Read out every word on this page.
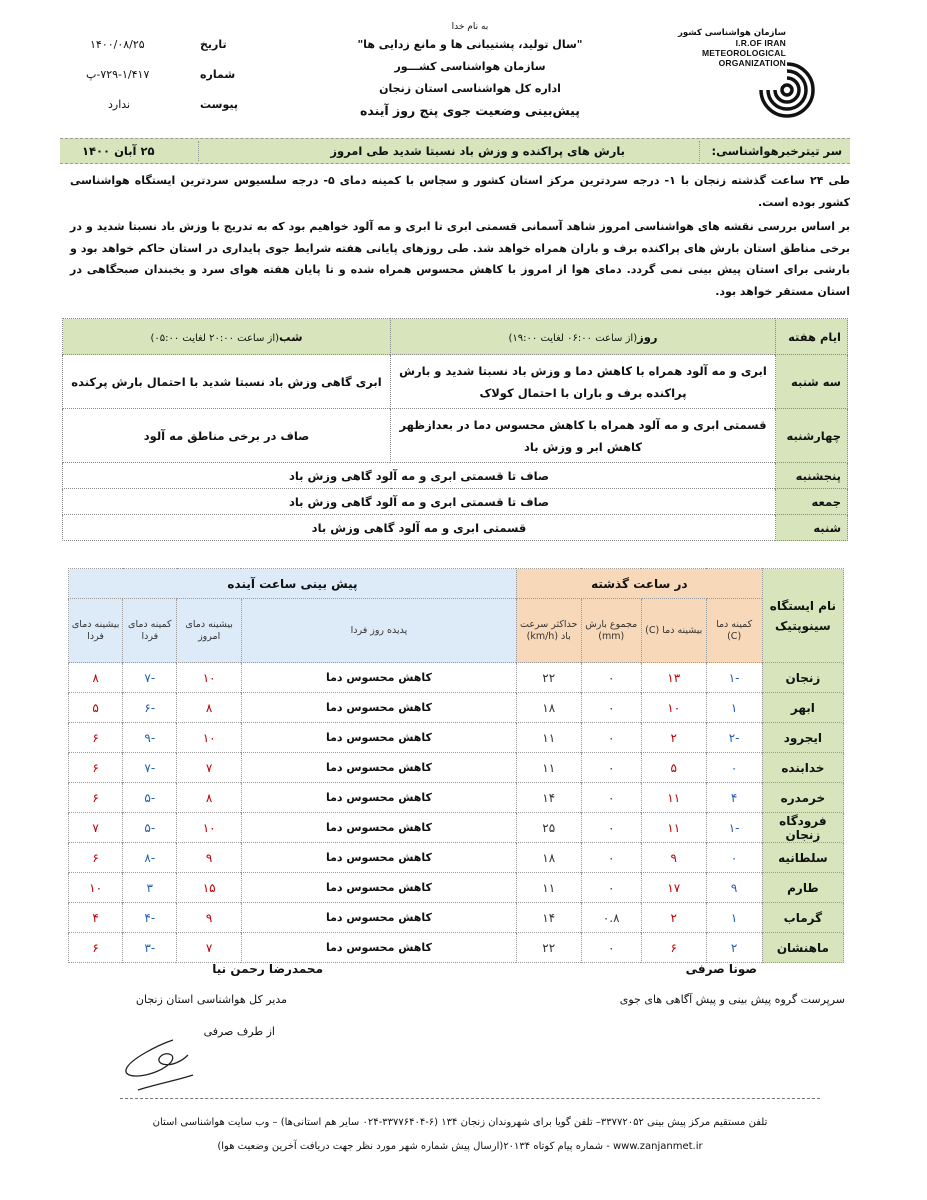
سازمان هواشناسی کشور
I.R.OF IRAN
METEOROLOGICAL
ORGANIZATION
به نام خدا
"سال تولید، پشتیبانی ها و مانع زدایی ها"
سازمان هواشناسی کشـــور
اداره کل هواشناسی استان زنجان
پیش‌بینی وضعیت جوی پنج روز آینده
تاریخ
۱۴۰۰/۰۸/۲۵
شماره
۷۲۹-۱/۴۱۷-پ
پیوست
ندارد
سر تیترخبرهواشناسی:
بارش های پراکنده و وزش باد نسبتا شدید طی امروز
۲۵ آبان ۱۴۰۰
طی ۲۴ ساعت گذشته زنجان با ۱- درجه سردترین مرکز استان کشور و سجاس با کمینه دمای ۵- درجه سلسیوس سردترین ایستگاه هواشناسی کشور بوده است.
بر اساس بررسی نقشه های هواشناسی امروز شاهد آسمانی قسمتی ابری تا ابری و مه آلود خواهیم بود که به تدریج با وزش باد نسبتا شدید و در برخی مناطق استان بارش های پراکنده برف و باران همراه خواهد شد. طی روزهای پایانی هفته شرایط جوی پایداری در استان حاکم خواهد بود و بارشی برای استان پیش بینی نمی گردد. دمای هوا از امروز با کاهش محسوس همراه شده و تا پایان هفته هوای سرد و یخبندان صبحگاهی در استان مستقر خواهد بود.
ایام هفته	روز(از ساعت ۰۶:۰۰ لغایت ۱۹:۰۰)	شب(از ساعت ۲۰:۰۰ لغایت ۰۵:۰۰)
سه شنبه	ابری و مه آلود همراه با کاهش دما و وزش باد نسبتا شدید و بارش پراکنده برف و باران با احتمال کولاک	ابری گاهی وزش باد نسبتا شدید با احتمال بارش پرکنده
چهارشنبه	قسمتی ابری و مه آلود همراه با کاهش محسوس دما در بعدازظهر کاهش ابر و وزش باد	صاف در برخی مناطق مه آلود
پنجشنبه	صاف تا قسمتی ابری و مه آلود گاهی وزش باد	
جمعه	صاف تا قسمتی ابری و مه آلود گاهی وزش باد	
شنبه	قسمتی ابری و مه آلود گاهی وزش باد	
نام ایستگاه سینوپتیک	در ساعت گذشته				پیش بینی ساعت آینده			
	کمینه دما (C)	بیشینه دما (C)	مجموع بارش (mm)	حداکثر سرعت باد (km/h)	پدیده روز فردا	بیشینه دمای امروز	کمینه دمای فردا	بیشینه دمای فردا
زنجان	-۱	۱۳	۰	۲۲	کاهش محسوس دما	۱۰	-۷	۸
ابهر	۱	۱۰	۰	۱۸	کاهش محسوس دما	۸	-۶	۵
ایجرود	-۲	۲	۰	۱۱	کاهش محسوس دما	۱۰	-۹	۶
خدابنده	۰	۵	۰	۱۱	کاهش محسوس دما	۷	-۷	۶
خرمدره	۴	۱۱	۰	۱۴	کاهش محسوس دما	۸	-۵	۶
فرودگاه زنجان	-۱	۱۱	۰	۲۵	کاهش محسوس دما	۱۰	-۵	۷
سلطانیه	۰	۹	۰	۱۸	کاهش محسوس دما	۹	-۸	۶
طارم	۹	۱۷	۰	۱۱	کاهش محسوس دما	۱۵	۳	۱۰
گرماب	۱	۲	۰.۸	۱۴	کاهش محسوس دما	۹	-۴	۴
ماهنشان	۲	۶	۰	۲۲	کاهش محسوس دما	۷	-۳	۶
صونا صرفی
سرپرست گروه پیش بینی و پیش آگاهی های جوی
محمدرضا رحمن نیا
مدیر کل هواشناسی استان زنجان
از طرف صرفی
تلفن مستقیم مرکز پیش بینی ۳۳۷۷۲۰۵۲– تلفن گویا برای شهروندان زنجان ۱۳۴ (۶-۳۳۷۷۶۴۰۴-۰۲۴ سایر هم استانی‌ها) – وب سایت هواشناسی استان
www.zanjanmet.ir - شماره پیام کوتاه ۲۰۱۳۴(ارسال پیش شماره شهر مورد نظر جهت دریافت آخرین وضعیت هوا)
